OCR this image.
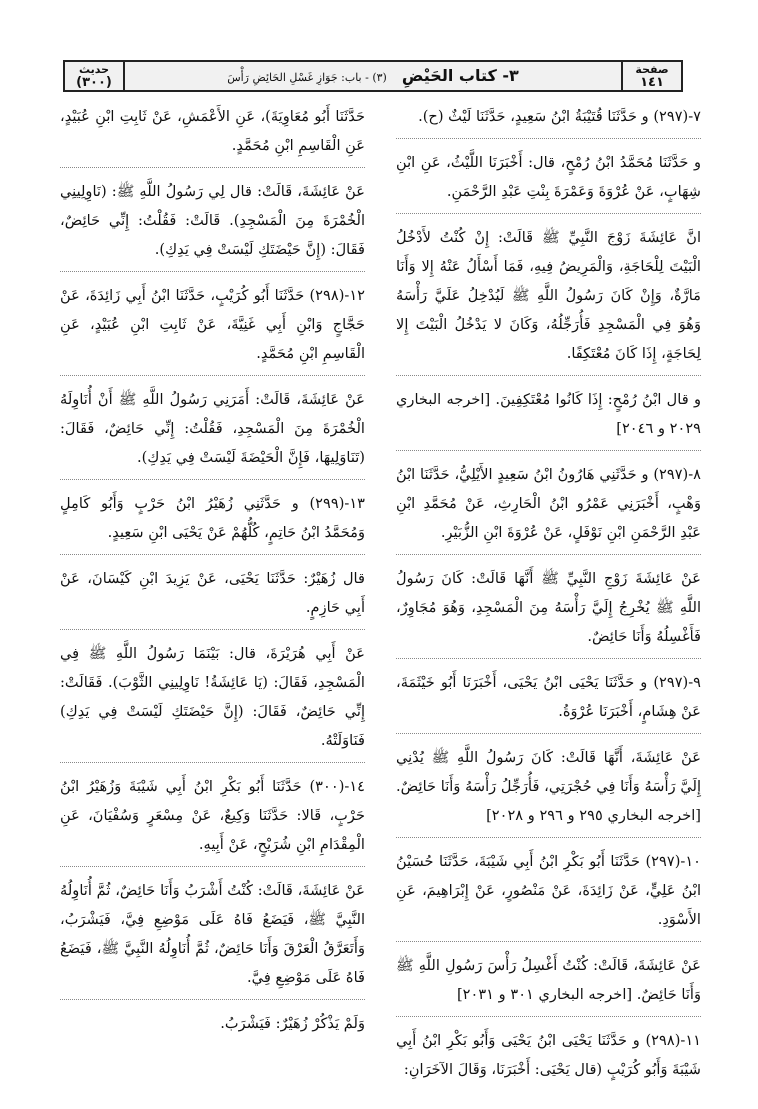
صفحة
١٤١
٣- كتاب الحَيْضِ (٣) - باب: جَوَازِ غَسْلِ الحَائِضِ رَأْسَ
حديث
(٣٠٠)

٧-(٢٩٧) و حَدَّثَنَا قُتَيْبَةُ ابْنُ سَعِيدٍ، حَدَّثَنَا لَيْثٌ (ح).

و حَدَّثَنَا مُحَمَّدُ ابْنُ رُمْحٍ، قال: أَخْبَرَنَا اللَّيْثُ، عَنِ ابْنِ شِهَابٍ، عَنْ عُرْوَةَ وَعَمْرَةَ بِنْتِ عَبْدِ الرَّحْمَنِ.

انَّ عَائِشَةَ زَوْجَ النَّبِيِّ ﷺ قَالَتْ: إِنْ كُنْتُ لأَدْخُلُ الْبَيْتَ لِلْحَاجَةِ، وَالْمَرِيضُ فِيهِ، فَمَا أَسْأَلُ عَنْهُ إِلا وَأَنَا مَارَّةٌ، وَإِنْ كَانَ رَسُولُ اللَّهِ ﷺ لَيُدْخِلُ عَلَيَّ رَأْسَهُ وَهُوَ فِي الْمَسْجِدِ فَأُرَجِّلُهُ، وَكَانَ لا يَدْخُلُ الْبَيْتَ إِلا لِحَاجَةٍ، إِذَا كَانَ مُعْتَكِفًا.

و قال ابْنُ رُمْحٍ: إِذَا كَانُوا مُعْتَكِفِينَ. [اخرجه البخاري ٢٠٢٩ و ٢٠٤٦]

٨-(٢٩٧) و حَدَّثَنِي هَارُونُ ابْنُ سَعِيدٍ الأَيْلِيُّ، حَدَّثَنَا ابْنُ وَهْبٍ، أَخْبَرَنِي عَمْرُو ابْنُ الْحَارِثِ، عَنْ مُحَمَّدِ ابْنِ عَبْدِ الرَّحْمَنِ ابْنِ نَوْفَلٍ، عَنْ عُرْوَةَ ابْنِ الزُّبَيْرِ.

عَنْ عَائِشَةَ زَوْجِ النَّبِيِّ ﷺ أَنَّهَا قَالَتْ: كَانَ رَسُولُ اللَّهِ ﷺ يُخْرِجُ إِلَيَّ رَأْسَهُ مِنَ الْمَسْجِدِ، وَهُوَ مُجَاوِرٌ، فَأَغْسِلُهُ وَأَنَا حَائِضٌ.

٩-(٢٩٧) و حَدَّثَنَا يَحْيَى ابْنُ يَحْيَى، أَخْبَرَنَا أَبُو خَيْثَمَةَ، عَنْ هِشَامٍ، أَخْبَرَنَا عُرْوَةُ.

عَنْ عَائِشَةَ، أَنَّهَا قَالَتْ: كَانَ رَسُولُ اللَّهِ ﷺ يُدْنِي إِلَيَّ رَأْسَهُ وَأَنَا فِي حُجْرَتِي، فَأُرَجِّلُ رَأْسَهُ وَأَنَا حَائِضٌ. [اخرجه البخاري ٢٩٥ و ٢٩٦ و ٢٠٢٨]

١٠-(٢٩٧) حَدَّثَنَا أَبُو بَكْرِ ابْنُ أَبِي شَيْبَةَ، حَدَّثَنَا حُسَيْنُ ابْنُ عَلِيٍّ، عَنْ زَائِدَةَ، عَنْ مَنْصُورٍ، عَنْ إِبْرَاهِيمَ، عَنِ الأَسْوَدِ.

عَنْ عَائِشَةَ، قَالَتْ: كُنْتُ أَغْسِلُ رَأْسَ رَسُولِ اللَّهِ ﷺ وَأَنَا حَائِضٌ. [اخرجه البخاري ٣٠١ و ٢٠٣١]

١١-(٢٩٨) و حَدَّثَنَا يَحْيَى ابْنُ يَحْيَى وَأَبُو بَكْرِ ابْنُ أَبِي شَيْبَةَ وَأَبُو كُرَيْبٍ (قال يَحْيَى: أَخْبَرَنَا، وَقَالَ الآخَرَانِ:

حَدَّثَنَا أَبُو مُعَاوِيَةَ)، عَنِ الأَعْمَشِ، عَنْ ثَابِتِ ابْنِ عُبَيْدٍ، عَنِ الْقَاسِمِ ابْنِ مُحَمَّدٍ.

عَنْ عَائِشَةَ، قَالَتْ: قال لِي رَسُولُ اللَّهِ ﷺ: (نَاوِلِينِي الْخُمْرَةَ مِنَ الْمَسْجِدِ). قَالَتْ: فَقُلْتُ: إِنِّي حَائِضٌ، فَقَالَ: (إِنَّ حَيْضَتَكِ لَيْسَتْ فِي يَدِكِ).

١٢-(٢٩٨) حَدَّثَنَا أَبُو كُرَيْبٍ، حَدَّثَنَا ابْنُ أَبِي زَائِدَةَ، عَنْ حَجَّاجٍ وَابْنِ أَبِي غَنِيَّةَ، عَنْ ثَابِتِ ابْنِ عُبَيْدٍ، عَنِ الْقَاسِمِ ابْنِ مُحَمَّدٍ.

عَنْ عَائِشَةَ، قَالَتْ: أَمَرَنِي رَسُولُ اللَّهِ ﷺ أَنْ أُنَاوِلَهُ الْخُمْرَةَ مِنَ الْمَسْجِدِ، فَقُلْتُ: إِنِّي حَائِضٌ، فَقَالَ: (تَنَاوَلِيهَا، فَإِنَّ الْحَيْضَةَ لَيْسَتْ فِي يَدِكِ).

١٣-(٢٩٩) و حَدَّثَنِي زُهَيْرُ ابْنُ حَرْبٍ وَأَبُو كَامِلٍ وَمُحَمَّدُ ابْنُ حَاتِمٍ، كُلُّهُمْ عَنْ يَحْيَى ابْنِ سَعِيدٍ.

قال زُهَيْرٌ: حَدَّثَنَا يَحْيَى، عَنْ يَزِيدَ ابْنِ كَيْسَانَ، عَنْ أَبِي حَازِمٍ.

عَنْ أَبِي هُرَيْرَةَ، قال: بَيْنَمَا رَسُولُ اللَّهِ ﷺ فِي الْمَسْجِدِ، فَقَالَ: (يَا عَائِشَةُ! نَاوِلِينِي الثَّوْبَ). فَقَالَتْ: إِنِّي حَائِضٌ، فَقَالَ: (إِنَّ حَيْضَتَكِ لَيْسَتْ فِي يَدِكِ) فَنَاوَلَتْهُ.

١٤-(٣٠٠) حَدَّثَنَا أَبُو بَكْرِ ابْنُ أَبِي شَيْبَةَ وَزُهَيْرُ ابْنُ حَرْبٍ، قَالا: حَدَّثَنَا وَكِيعٌ، عَنْ مِسْعَرٍ وَسُفْيَانَ، عَنِ الْمِقْدَامِ ابْنِ شُرَيْحٍ، عَنْ أَبِيهِ.

عَنْ عَائِشَةَ، قَالَتْ: كُنْتُ أَشْرَبُ وَأَنَا حَائِضٌ، ثُمَّ أُنَاوِلُهُ النَّبِيَّ ﷺ، فَيَضَعُ فَاهُ عَلَى مَوْضِعِ فِيَّ، فَيَشْرَبُ، وَأَتَعَرَّقُ الْعَرْقَ وَأَنَا حَائِضٌ، ثُمَّ أُنَاوِلُهُ النَّبِيَّ ﷺ، فَيَضَعُ فَاهُ عَلَى مَوْضِعِ فِيَّ.

وَلَمْ يَذْكُرْ زُهَيْرٌ: فَيَشْرَبُ.
